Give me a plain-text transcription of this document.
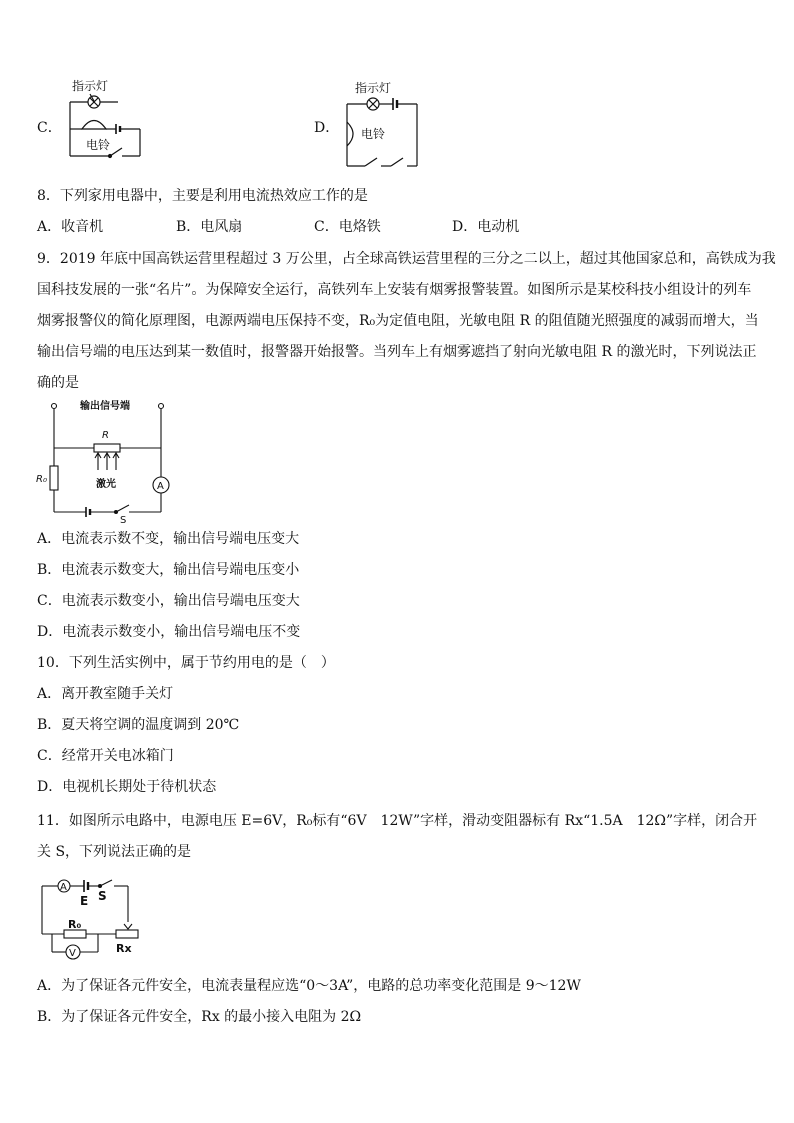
C．
指示灯
电铃
D．
指示灯
电铃
8．下列家用电器中，主要是利用电流热效应工作的是
A．收音机	B．电风扇	C．电烙铁	D．电动机
9．2019 年底中国高铁运营里程超过 3 万公里，占全球高铁运营里程的三分之二以上，超过其他国家总和，高铁成为我
国科技发展的一张“名片”。为保障安全运行，高铁列车上安装有烟雾报警装置。如图所示是某校科技小组设计的列车
烟雾报警仪的简化原理图，电源两端电压保持不变，R₀为定值电阻，光敏电阻 R 的阻值随光照强度的减弱而增大，当
输出信号端的电压达到某一数值时，报警器开始报警。当列车上有烟雾遮挡了射向光敏电阻 R 的激光时，下列说法正
确的是
输出信号端
R
R₀	激光	A
S
A．电流表示数不变，输出信号端电压变大
B．电流表示数变大，输出信号端电压变小
C．电流表示数变小，输出信号端电压变大
D．电流表示数变小，输出信号端电压不变
10．下列生活实例中，属于节约用电的是（　）
A．离开教室随手关灯
B．夏天将空调的温度调到 20℃
C．经常开关电冰箱门
D．电视机长期处于待机状态
11．如图所示电路中，电源电压 E=6V，R₀标有“6V　12W”字样，滑动变阻器标有 Rx“1.5A　12Ω”字样，闭合开
关 S，下列说法正确的是
A
E S
R₀
V	Rx
A．为了保证各元件安全，电流表量程应选“0～3A”，电路的总功率变化范围是 9～12W
B．为了保证各元件安全，Rx 的最小接入电阻为 2Ω
